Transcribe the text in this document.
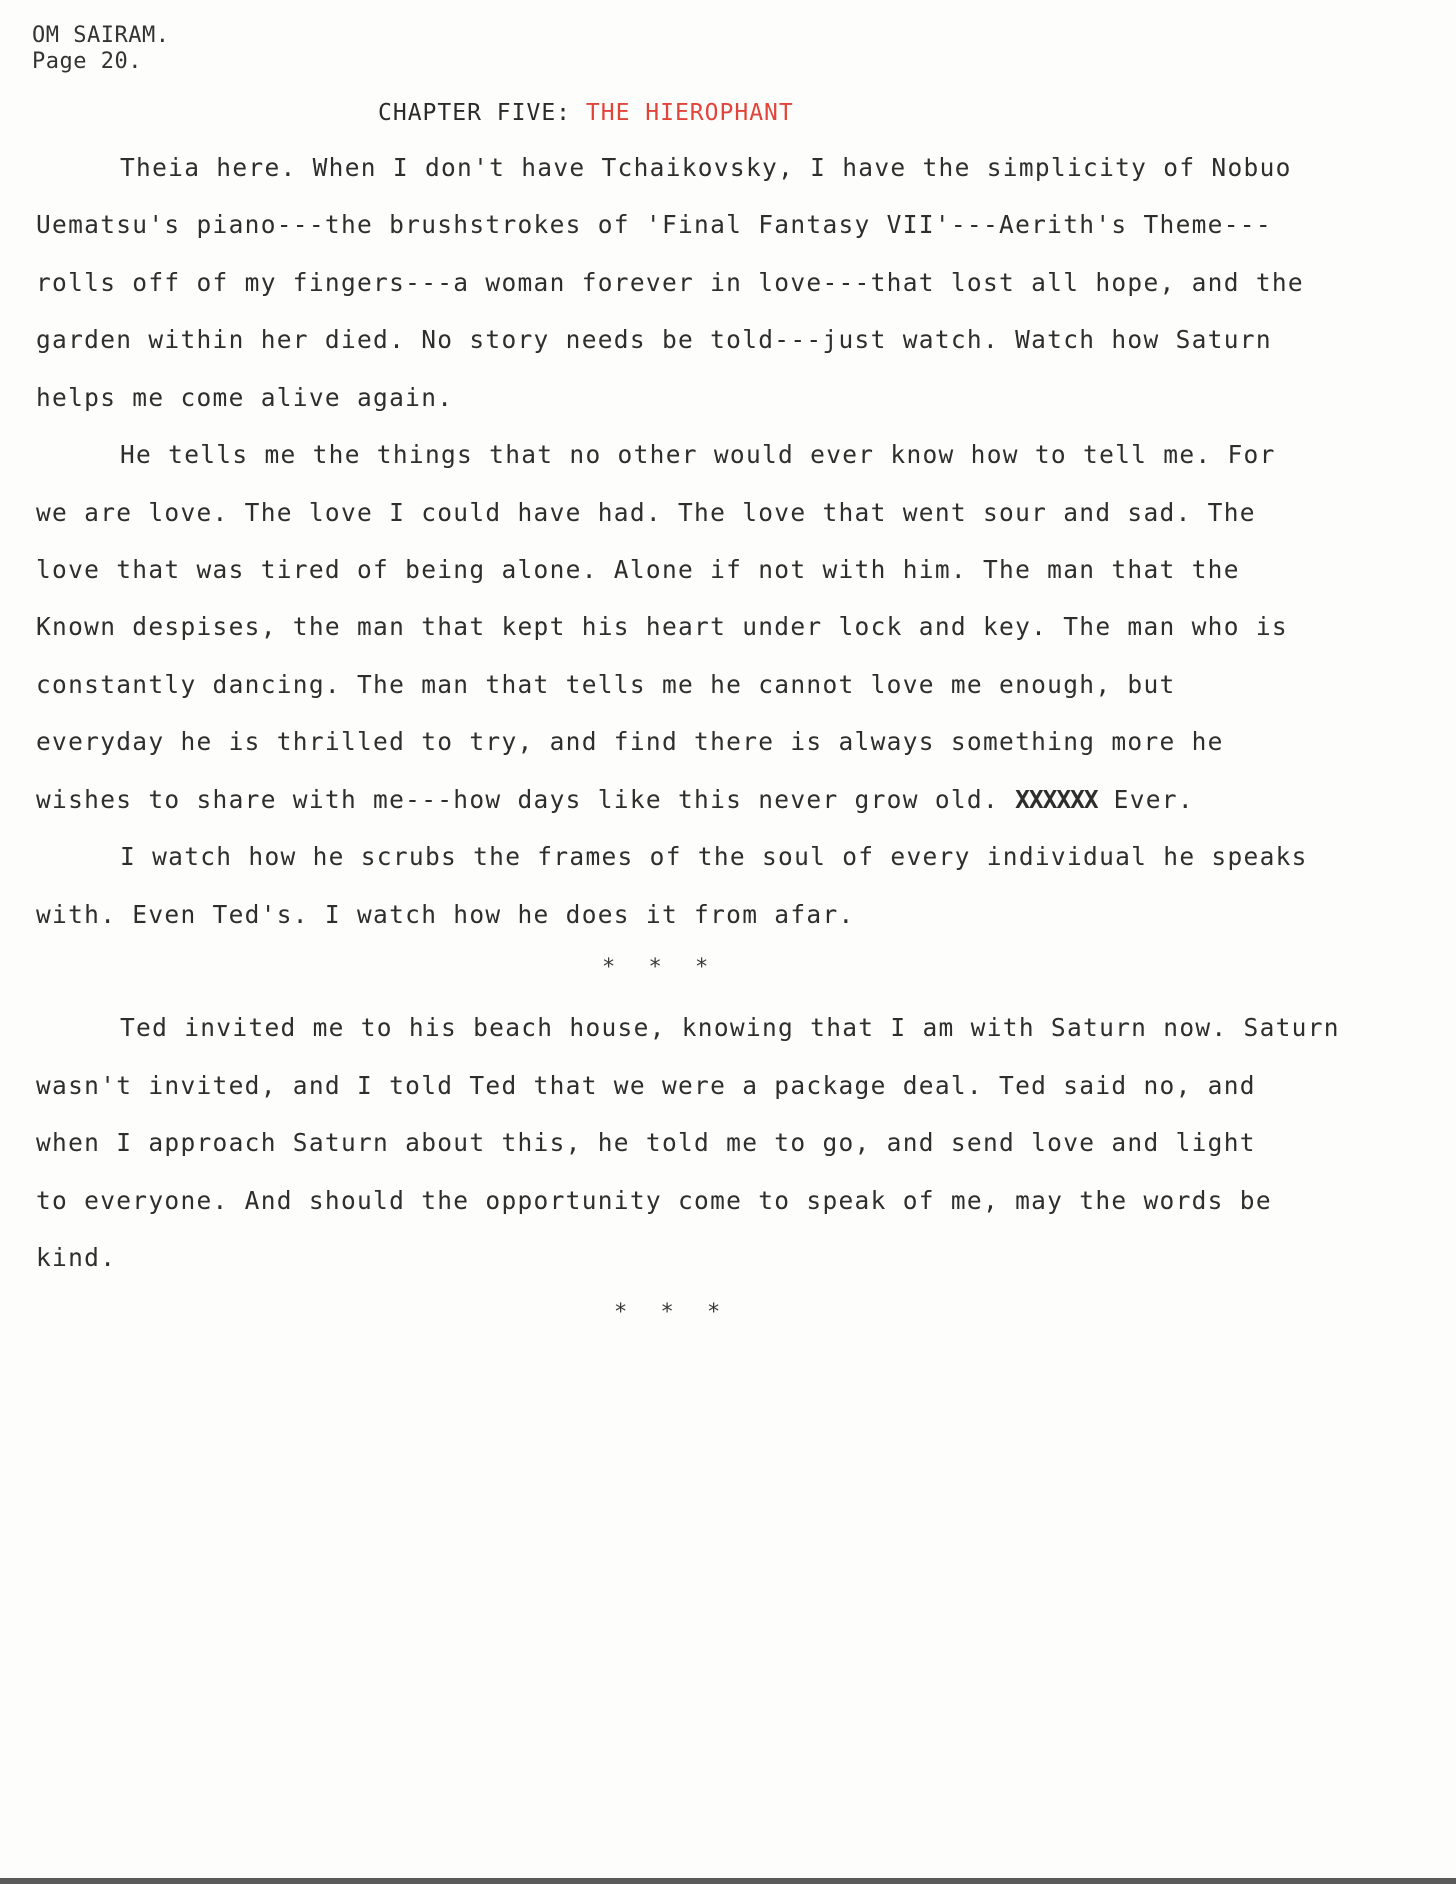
OM SAIRAM.
Page 20.
CHAPTER FIVE: THE HIEROPHANT
Theia here. When I don't have Tchaikovsky, I have the simplicity of Nobuo
Uematsu's piano---the brushstrokes of 'Final Fantasy VII'---Aerith's Theme---
rolls off of my fingers---a woman forever in love---that lost all hope, and the
garden within her died. No story needs be told---just watch. Watch how Saturn
helps me come alive again.
He tells me the things that no other would ever know how to tell me. For
we are love. The love I could have had. The love that went sour and sad. The
love that was tired of being alone. Alone if not with him. The man that the
Known despises, the man that kept his heart under lock and key. The man who is
constantly dancing. The man that tells me he cannot love me enough, but
everyday he is thrilled to try, and find there is always something more he
wishes to share with me---how days like this never grow old. XXXXXX Ever.
I watch how he scrubs the frames of the soul of every individual he speaks
with. Even Ted's. I watch how he does it from afar.
* * *
Ted invited me to his beach house, knowing that I am with Saturn now. Saturn
wasn't invited, and I told Ted that we were a package deal. Ted said no, and
when I approach Saturn about this, he told me to go, and send love and light
to everyone. And should the opportunity come to speak of me, may the words be
kind.
* * *
